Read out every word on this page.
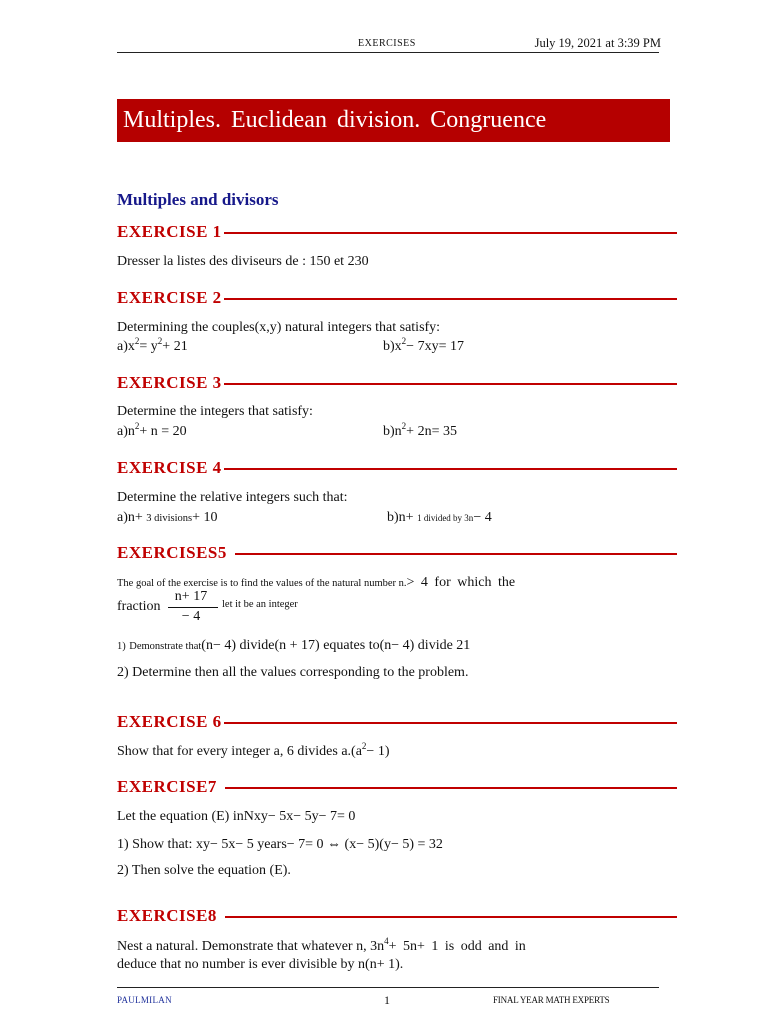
EXERCISES	July 19, 2021 at 3:39 PM
Multiples. Euclidean division. Congruence
Multiples and divisors
EXERCISE 1
Dresser la listes des diviseurs de : 150 et 230
EXERCISE 2
Determining the couples(x,y) natural integers that satisfy:
$a)x^2= y^2+ 21$	$b)x^2- 7xy= 17$
EXERCISE 3
Determine the integers that satisfy:
$a)n^2+ n = 20$	$b)n^2+ 2n= 35$
EXERCISE 4
Determine the relative integers such that:
a)n+ 3 divisions+ 10	b)n+ 1 divided by 3n− 4
EXERCISES5
The goal of the exercise is to find the values of the natural number n.> 4 for which the
fraction
n+ 17
− 4
let it be an integer
1) Demonstrate that(n− 4) divide(n + 17) equates to(n− 4) divide 21
2) Determine then all the values corresponding to the problem.
EXERCISE 6
Show that for every integer a, 6 divides $a.(a^2- 1)$
EXERCISE7
Let the equation (E) inNxy− 5x− 5y− 7= 0
1) Show that: xy− 5x− 5 years− 7= 0 ⇔ (x− 5)(y− 5) = 32
2) Then solve the equation (E).
EXERCISE8
Nest a natural. Demonstrate that whatever n, $3n^4+ 5n+ 1$ is odd and in
deduce that no number is ever divisible by n(n+ 1).
PAULMILAN	1	FINAL YEAR MATH EXPERTS
